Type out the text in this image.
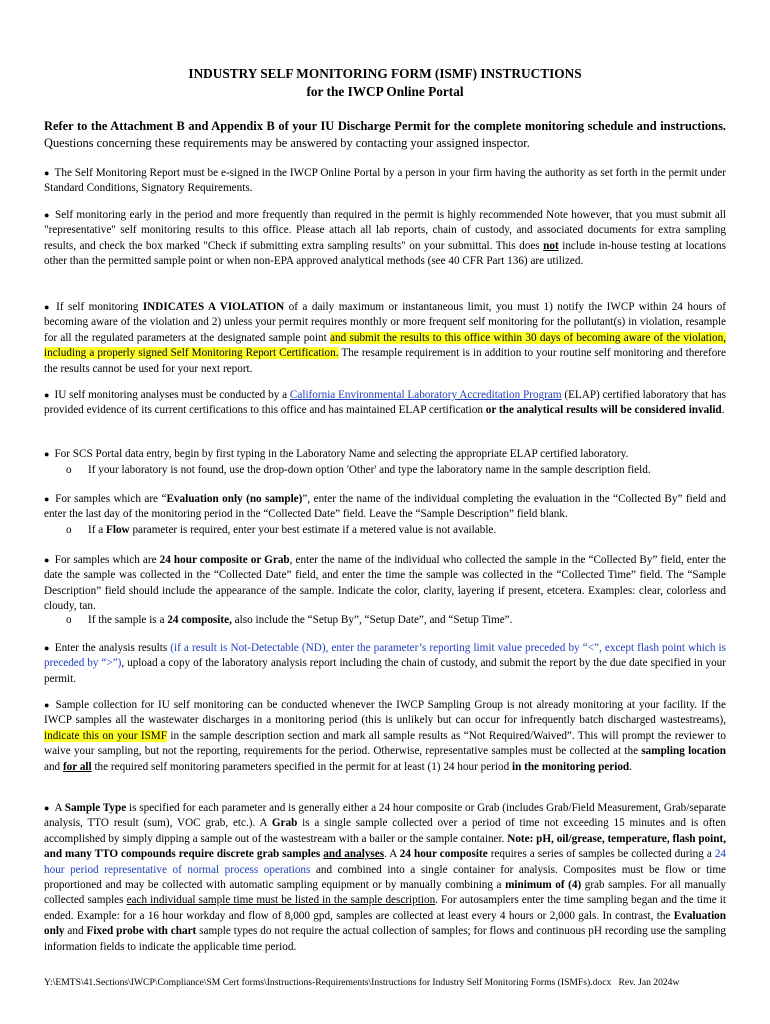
INDUSTRY SELF MONITORING FORM (ISMF) INSTRUCTIONS
for the IWCP Online Portal
Refer to the Attachment B and Appendix B of your IU Discharge Permit for the complete monitoring schedule and instructions. Questions concerning these requirements may be answered by contacting your assigned inspector.
● The Self Monitoring Report must be e-signed in the IWCP Online Portal by a person in your firm having the authority as set forth in the permit under Standard Conditions, Signatory Requirements.
● Self monitoring early in the period and more frequently than required in the permit is highly recommended Note however, that you must submit all "representative" self monitoring results to this office. Please attach all lab reports, chain of custody, and associated documents for extra sampling results, and check the box marked "Check if submitting extra sampling results" on your submittal. This does not include in-house testing at locations other than the permitted sample point or when non-EPA approved analytical methods (see 40 CFR Part 136) are utilized.
● If self monitoring INDICATES A VIOLATION of a daily maximum or instantaneous limit, you must 1) notify the IWCP within 24 hours of becoming aware of the violation and 2) unless your permit requires monthly or more frequent self monitoring for the pollutant(s) in violation, resample for all the regulated parameters at the designated sample point and submit the results to this office within 30 days of becoming aware of the violation, including a properly signed Self Monitoring Report Certification. The resample requirement is in addition to your routine self monitoring and therefore the results cannot be used for your next report.
● IU self monitoring analyses must be conducted by a California Environmental Laboratory Accreditation Program (ELAP) certified laboratory that has provided evidence of its current certifications to this office and has maintained ELAP certification or the analytical results will be considered invalid.
● For SCS Portal data entry, begin by first typing in the Laboratory Name and selecting the appropriate ELAP certified laboratory.
o If your laboratory is not found, use the drop-down option 'Other' and type the laboratory name in the sample description field.
● For samples which are “Evaluation only (no sample)”, enter the name of the individual completing the evaluation in the “Collected By” field and enter the last day of the monitoring period in the “Collected Date” field. Leave the “Sample Description” field blank.
o If a Flow parameter is required, enter your best estimate if a metered value is not available.
● For samples which are 24 hour composite or Grab, enter the name of the individual who collected the sample in the “Collected By” field, enter the date the sample was collected in the “Collected Date” field, and enter the time the sample was collected in the “Collected Time” field. The “Sample Description” field should include the appearance of the sample. Indicate the color, clarity, layering if present, etcetera. Examples: clear, colorless and cloudy, tan.
o If the sample is a 24 composite, also include the “Setup By”, “Setup Date”, and “Setup Time”.
● Enter the analysis results (if a result is Not-Detectable (ND), enter the parameter’s reporting limit value preceded by “<”, except flash point which is preceded by “>”), upload a copy of the laboratory analysis report including the chain of custody, and submit the report by the due date specified in your permit.
● Sample collection for IU self monitoring can be conducted whenever the IWCP Sampling Group is not already monitoring at your facility. If the IWCP samples all the wastewater discharges in a monitoring period (this is unlikely but can occur for infrequently batch discharged wastestreams), indicate this on your ISMF in the sample description section and mark all sample results as “Not Required/Waived”. This will prompt the reviewer to waive your sampling, but not the reporting, requirements for the period. Otherwise, representative samples must be collected at the sampling location and for all the required self monitoring parameters specified in the permit for at least (1) 24 hour period in the monitoring period.
● A Sample Type is specified for each parameter and is generally either a 24 hour composite or Grab (includes Grab/Field Measurement, Grab/separate analysis, TTO result (sum), VOC grab, etc.). A Grab is a single sample collected over a period of time not exceeding 15 minutes and is often accomplished by simply dipping a sample out of the wastestream with a bailer or the sample container. Note: pH, oil/grease, temperature, flash point, and many TTO compounds require discrete grab samples and analyses. A 24 hour composite requires a series of samples be collected during a 24 hour period representative of normal process operations and combined into a single container for analysis. Composites must be flow or time proportioned and may be collected with automatic sampling equipment or by manually combining a minimum of (4) grab samples. For all manually collected samples each individual sample time must be listed in the sample description. For autosamplers enter the time sampling began and the time it ended. Example: for a 16 hour workday and flow of 8,000 gpd, samples are collected at least every 4 hours or 2,000 gals. In contrast, the Evaluation only and Fixed probe with chart sample types do not require the actual collection of samples; for flows and continuous pH recording use the sampling information fields to indicate the applicable time period.
Y:\EMTS\41.Sections\IWCP\Compliance\SM Cert forms\Instructions-Requirements\Instructions for Industry Self Monitoring Forms (ISMFs).docx Rev. Jan 2024w
